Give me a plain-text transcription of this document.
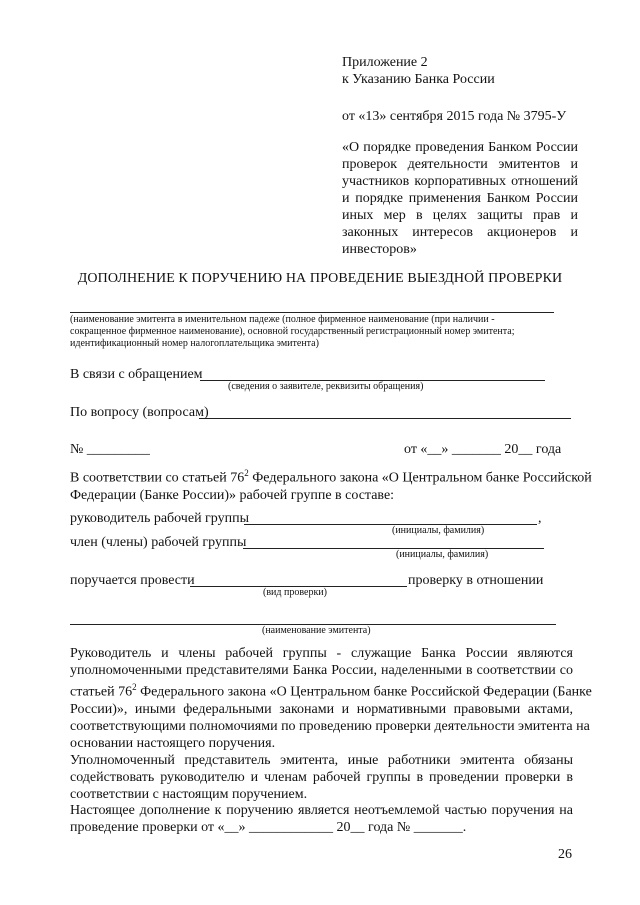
Приложение 2
к Указанию Банка России
от «13» сентября 2015 года № 3795-У
«О порядке проведения Банком России
проверок деятельности эмитентов и
участников корпоративных отношений
и порядке применения Банком России
иных мер в целях защиты прав и
законных интересов акционеров и
инвесторов»
ДОПОЛНЕНИЕ К ПОРУЧЕНИЮ НА ПРОВЕДЕНИЕ ВЫЕЗДНОЙ ПРОВЕРКИ
(наименование эмитента в именительном падеже (полное фирменное наименование (при наличии -
сокращенное фирменное наименование), основной государственный регистрационный номер эмитента;
идентификационный номер налогоплательщика эмитента)
В связи с обращением
(сведения о заявителе, реквизиты обращения)
По вопросу (вопросам)
№ _________	от «__» _______ 20__ года
В соответствии со статьей $76^2$ Федерального закона «О Центральном банке Российской
Федерации (Банке России)» рабочей группе в составе:
руководитель рабочей группы	,
(инициалы, фамилия)
член (члены) рабочей группы
(инициалы, фамилия)
поручается провести	проверку в отношении
(вид проверки)
(наименование эмитента)
Руководитель и члены рабочей группы - служащие Банка России являются
уполномоченными представителями Банка России, наделенными в соответствии со
статьей $76^2$ Федерального закона «О Центральном банке Российской Федерации (Банке
России)», иными федеральными законами и нормативными правовыми актами,
соответствующими полномочиями по проведению проверки деятельности эмитента на
основании настоящего поручения.
Уполномоченный представитель эмитента, иные работники эмитента обязаны
содействовать руководителю и членам рабочей группы в проведении проверки в
соответствии с настоящим поручением.
Настоящее дополнение к поручению является неотъемлемой частью поручения на
проведение проверки от «__» ____________ 20__ года № _______.
26
